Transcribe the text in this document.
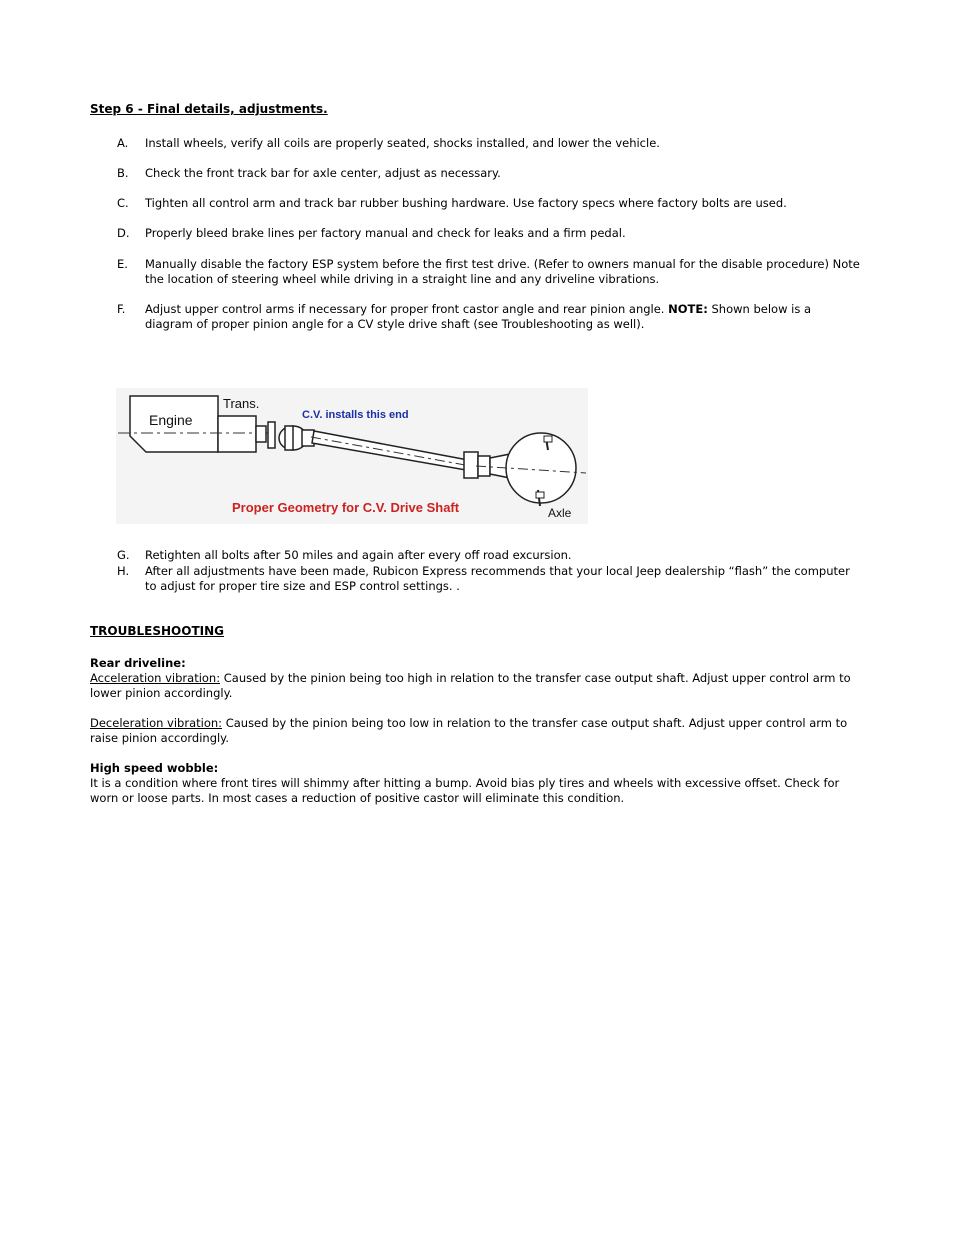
Step 6 - Final details, adjustments.
A. Install wheels, verify all coils are properly seated, shocks installed, and lower the vehicle.
B. Check the front track bar for axle center, adjust as necessary.
C. Tighten all control arm and track bar rubber bushing hardware. Use factory specs where factory bolts are used.
D. Properly bleed brake lines per factory manual and check for leaks and a firm pedal.
E. Manually disable the factory ESP system before the first test drive. (Refer to owners manual for the disable procedure) Note the location of steering wheel while driving in a straight line and any driveline vibrations.
F. Adjust upper control arms if necessary for proper front castor angle and rear pinion angle. NOTE: Shown below is a diagram of proper pinion angle for a CV style drive shaft (see Troubleshooting as well).
Engine
Trans.
C.V. installs this end
Proper Geometry for C.V. Drive Shaft	Axle
G. Retighten all bolts after 50 miles and again after every off road excursion.
H. After all adjustments have been made, Rubicon Express recommends that your local Jeep dealership “flash” the computer to adjust for proper tire size and ESP control settings. .
TROUBLESHOOTING
Rear driveline:
Acceleration vibration: Caused by the pinion being too high in relation to the transfer case output shaft. Adjust upper control arm to lower pinion accordingly.
Deceleration vibration: Caused by the pinion being too low in relation to the transfer case output shaft. Adjust upper control arm to raise pinion accordingly.
High speed wobble:
It is a condition where front tires will shimmy after hitting a bump. Avoid bias ply tires and wheels with excessive offset. Check for worn or loose parts. In most cases a reduction of positive castor will eliminate this condition.
